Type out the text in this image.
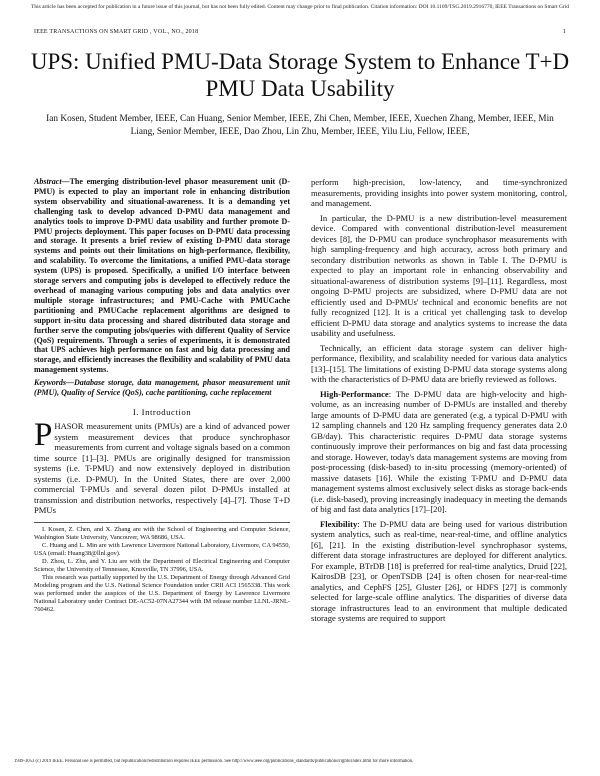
This article has been accepted for publication in a future issue of this journal, but has not been fully edited. Content may change prior to final publication. Citation information: DOI 10.1109/TSG.2019.2916770, IEEE Transactions on Smart Grid
IEEE TRANSACTIONS ON SMART GRID , VOL., NO., 2018	1
UPS: Unified PMU-Data Storage System to Enhance T+D PMU Data Usability
Ian Kosen, Student Member, IEEE, Can Huang, Senior Member, IEEE, Zhi Chen, Member, IEEE, Xuechen Zhang, Member, IEEE, Min Liang, Senior Member, IEEE, Dao Zhou, Lin Zhu, Member, IEEE, Yilu Liu, Fellow, IEEE,

Abstract—The emerging distribution-level phasor measurement unit (D-PMU) is expected to play an important role in enhancing distribution system observability and situational-awareness. It is a demanding yet challenging task to develop advanced D-PMU data management and analytics tools to improve D-PMU data usability and further promote D-PMU projects deployment. This paper focuses on D-PMU data processing and storage. It presents a brief review of existing D-PMU data storage systems and points out their limitations on high-performance, flexibility, and scalability. To overcome the limitations, a unified PMU-data storage system (UPS) is proposed. Specifically, a unified I/O interface between storage servers and computing jobs is developed to effectively reduce the overhead of managing various computing jobs and data analytics over multiple storage infrastructures; and PMU-Cache with PMUCache partitioning and PMUCache replacement algorithms are designed to support in-situ data processing and shared distributed data storage and further serve the computing jobs/queries with different Quality of Service (QoS) requirements. Through a series of experiments, it is demonstrated that UPS achieves high performance on fast and big data processing and storage, and efficiently increases the flexibility and scalability of PMU data management systems.

Keywords—Database storage, data management, phasor measurement unit (PMU), Quality of Service (QoS), cache partitioning, cache replacement

I. Introduction

PHASOR measurement units (PMUs) are a kind of advanced power system measurement devices that produce synchrophasor measurements from current and voltage signals based on a common time source [1]–[3]. PMUs are originally designed for transmission systems (i.e. T-PMU) and now extensively deployed in distribution systems (i.e. D-PMU). In the United States, there are over 2,000 commercial T-PMUs and several dozen pilot D-PMUs installed at transmission and distribution networks, respectively [4]–[7]. Those T+D PMUs

I. Kosen, Z. Chen, and X. Zhang are with the School of Engineering and Computer Science, Washington State University, Vancouver, WA 98686, USA.

C. Huang and L. Min are with Lawrence Livermore National Laboratory, Livermore, CA 94550, USA (email: Huang38@llnl.gov).

D. Zhou, L. Zhu, and Y. Liu are with the Department of Electrical Engineering and Computer Science, the University of Tennessee, Knoxville, TN 37996, USA.

This research was partially supported by the U.S. Department of Energy through Advanced Grid Modeling program and the U.S. National Science Foundation under CRII ACI 1565338. This work was performed under the auspices of the U.S. Department of Energy by Lawrence Livermore National Laboratory under Contract DE-AC52-07NA27344 with IM release number LLNL-JRNL-760462.

perform high-precision, low-latency, and time-synchronized measurements, providing insights into power system monitoring, control, and management.

In particular, the D-PMU is a new distribution-level measurement device. Compared with conventional distribution-level measurement devices [8], the D-PMU can produce synchrophasor measurements with high sampling-frequency and high accuracy, across both primary and secondary distribution networks as shown in Table I. The D-PMU is expected to play an important role in enhancing observability and situational-awareness of distribution systems [9]–[11]. Regardless, most ongoing D-PMU projects are subsidized, where D-PMU data are not efficiently used and D-PMUs' technical and economic benefits are not fully recognized [12]. It is a critical yet challenging task to develop efficient D-PMU data storage and analytics systems to increase the data usability and usefulness.

Technically, an efficient data storage system can deliver high-performance, flexibility, and scalability needed for various data analytics [13]–[15]. The limitations of existing D-PMU data storage systems along with the characteristics of D-PMU data are briefly reviewed as follows.

High-Performance: The D-PMU data are high-velocity and high-volume, as an increasing number of D-PMUs are installed and thereby large amounts of D-PMU data are generated (e.g, a typical D-PMU with 12 sampling channels and 120 Hz sampling frequency generates data 2.0 GB/day). This characteristic requires D-PMU data storage systems continuously improve their performances on big and fast data processing and storage. However, today's data management systems are moving from post-processing (disk-based) to in-situ processing (memory-oriented) of massive datasets [16]. While the existing T-PMU and D-PMU data management systems almost exclusively select disks as storage back-ends (i.e. disk-based), proving increasingly inadequacy in meeting the demands of big and fast data analytics [17]–[20].

Flexibility: The D-PMU data are being used for various distribution system analytics, such as real-time, near-real-time, and offline analytics [6], [21]. In the existing distribution-level synchrophasor systems, different data storage infrastructures are deployed for different analytics. For example, BTrDB [18] is preferred for real-time analytics, Druid [22], KairosDB [23], or OpenTSDB [24] is often chosen for near-real-time analytics, and CephFS [25], Gluster [26], or HDFS [27] is commonly selected for large-scale offline analytics. The disparities of diverse data storage infrastructures lead to an environment that multiple dedicated storage systems are required to support

1949-3053 (c) 2019 IEEE. Personal use is permitted, but republication/redistribution requires IEEE permission. See http://www.ieee.org/publications_standards/publications/rights/index.html for more information.
